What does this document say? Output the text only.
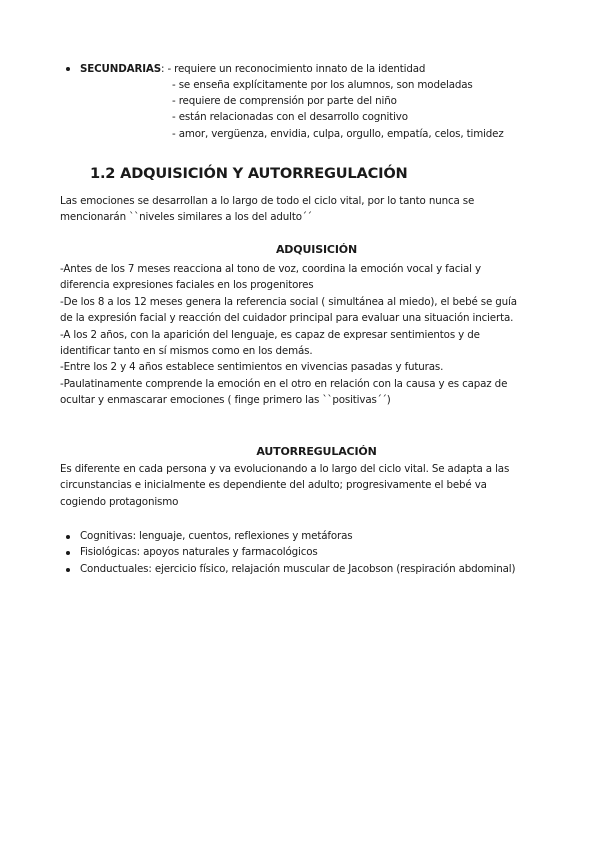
SECUNDARIAS: - requiere un reconocimiento innato de la identidad
- se enseña explícitamente por los alumnos, son modeladas
- requiere de comprensión por parte del niño
- están relacionadas con el desarrollo cognitivo
- amor, vergüenza, envidia, culpa, orgullo, empatía, celos, timidez
1.2 ADQUISICIÓN Y AUTORREGULACIÓN
Las emociones se desarrollan a lo largo de todo el ciclo vital, por lo tanto nunca se
mencionarán ``niveles similares a los del adulto´´
ADQUISICIÓN
-Antes de los 7 meses reacciona al tono de voz, coordina la emoción vocal y facial y
diferencia expresiones faciales en los progenitores
-De los 8 a los 12 meses genera la referencia social ( simultánea al miedo), el bebé se guía
de la expresión facial y reacción del cuidador principal para evaluar una situación incierta.
-A los 2 años, con la aparición del lenguaje, es capaz de expresar sentimientos y de
identificar tanto en sí mismos como en los demás.
-Entre los 2 y 4 años establece sentimientos en vivencias pasadas y futuras.
-Paulatinamente comprende la emoción en el otro en relación con la causa y es capaz de
ocultar y enmascarar emociones ( finge primero las ``positivas´´)
AUTORREGULACIÓN
Es diferente en cada persona y va evolucionando a lo largo del ciclo vital. Se adapta a las
circunstancias e inicialmente es dependiente del adulto; progresivamente el bebé va
cogiendo protagonismo
Cognitivas: lenguaje, cuentos, reflexiones y metáforas
Fisiológicas: apoyos naturales y farmacológicos
Conductuales: ejercicio físico, relajación muscular de Jacobson (respiración abdominal)
